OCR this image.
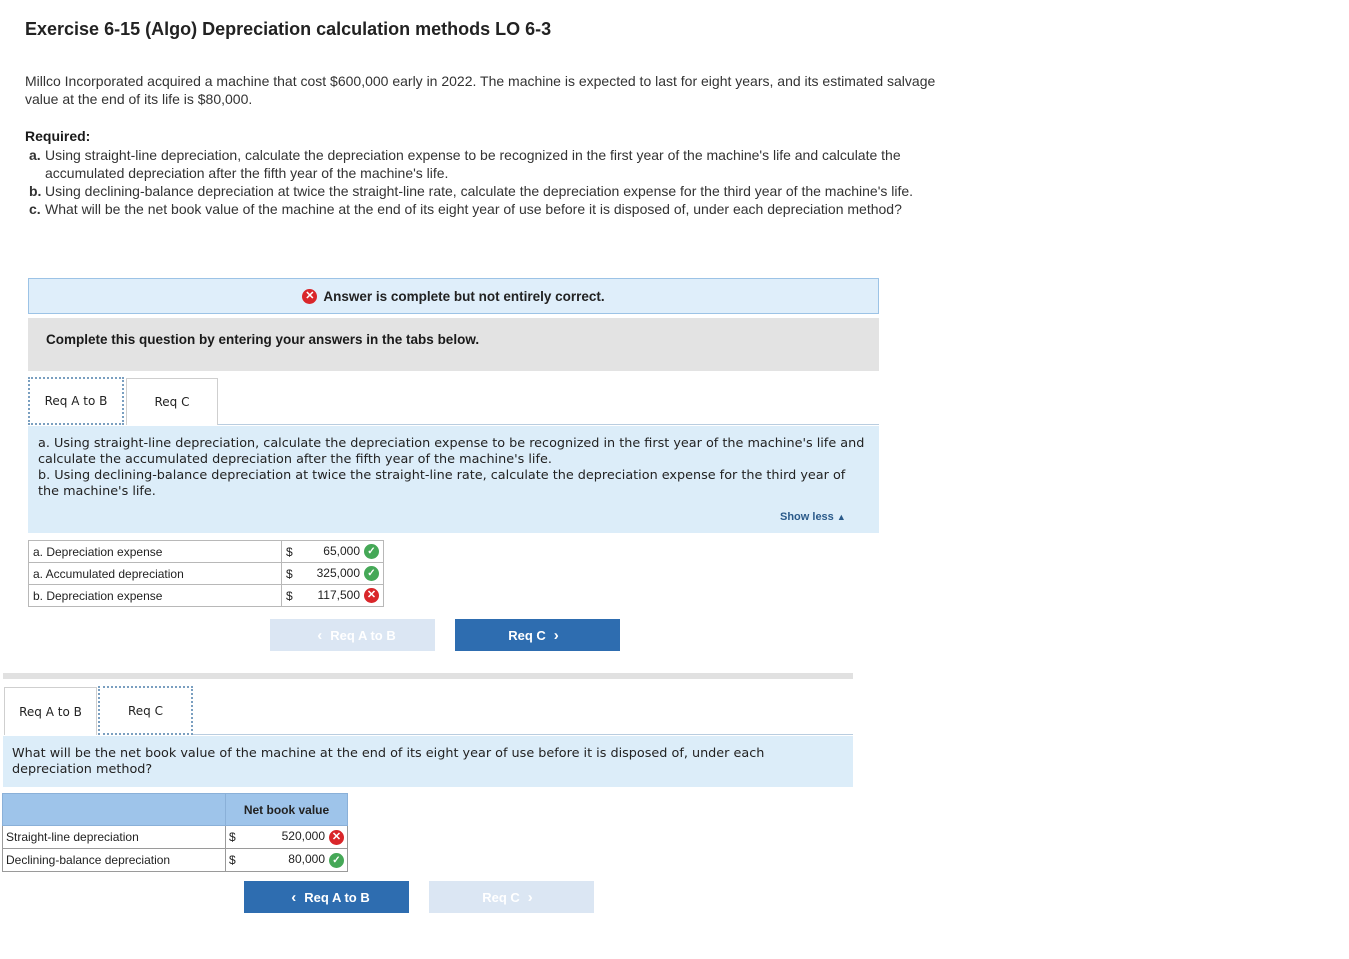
Exercise 6-15 (Algo) Depreciation calculation methods LO 6-3
Millco Incorporated acquired a machine that cost $600,000 early in 2022. The machine is expected to last for eight years, and its estimated salvage value at the end of its life is $80,000.
Required:
a. Using straight-line depreciation, calculate the depreciation expense to be recognized in the first year of the machine's life and calculate the accumulated depreciation after the fifth year of the machine's life.
b. Using declining-balance depreciation at twice the straight-line rate, calculate the depreciation expense for the third year of the machine's life.
c. What will be the net book value of the machine at the end of its eight year of use before it is disposed of, under each depreciation method?
✕ Answer is complete but not entirely correct.
Complete this question by entering your answers in the tabs below.
Req A to B	Req C
a. Using straight-line depreciation, calculate the depreciation expense to be recognized in the first year of the machine's life and calculate the accumulated depreciation after the fifth year of the machine's life.
b. Using declining-balance depreciation at twice the straight-line rate, calculate the depreciation expense for the third year of the machine's life.
Show less ▲
a. Depreciation expense	$	65,000 ✓
a. Accumulated depreciation	$	325,000 ✓
b. Depreciation expense	$	117,500 ✕
‹ Req A to B	Req C ›
Req A to B	Req C
What will be the net book value of the machine at the end of its eight year of use before it is disposed of, under each depreciation method?
	Net book value	
Straight-line depreciation	$	520,000 ✕
Declining-balance depreciation	$	80,000 ✓
‹ Req A to B	Req C ›
